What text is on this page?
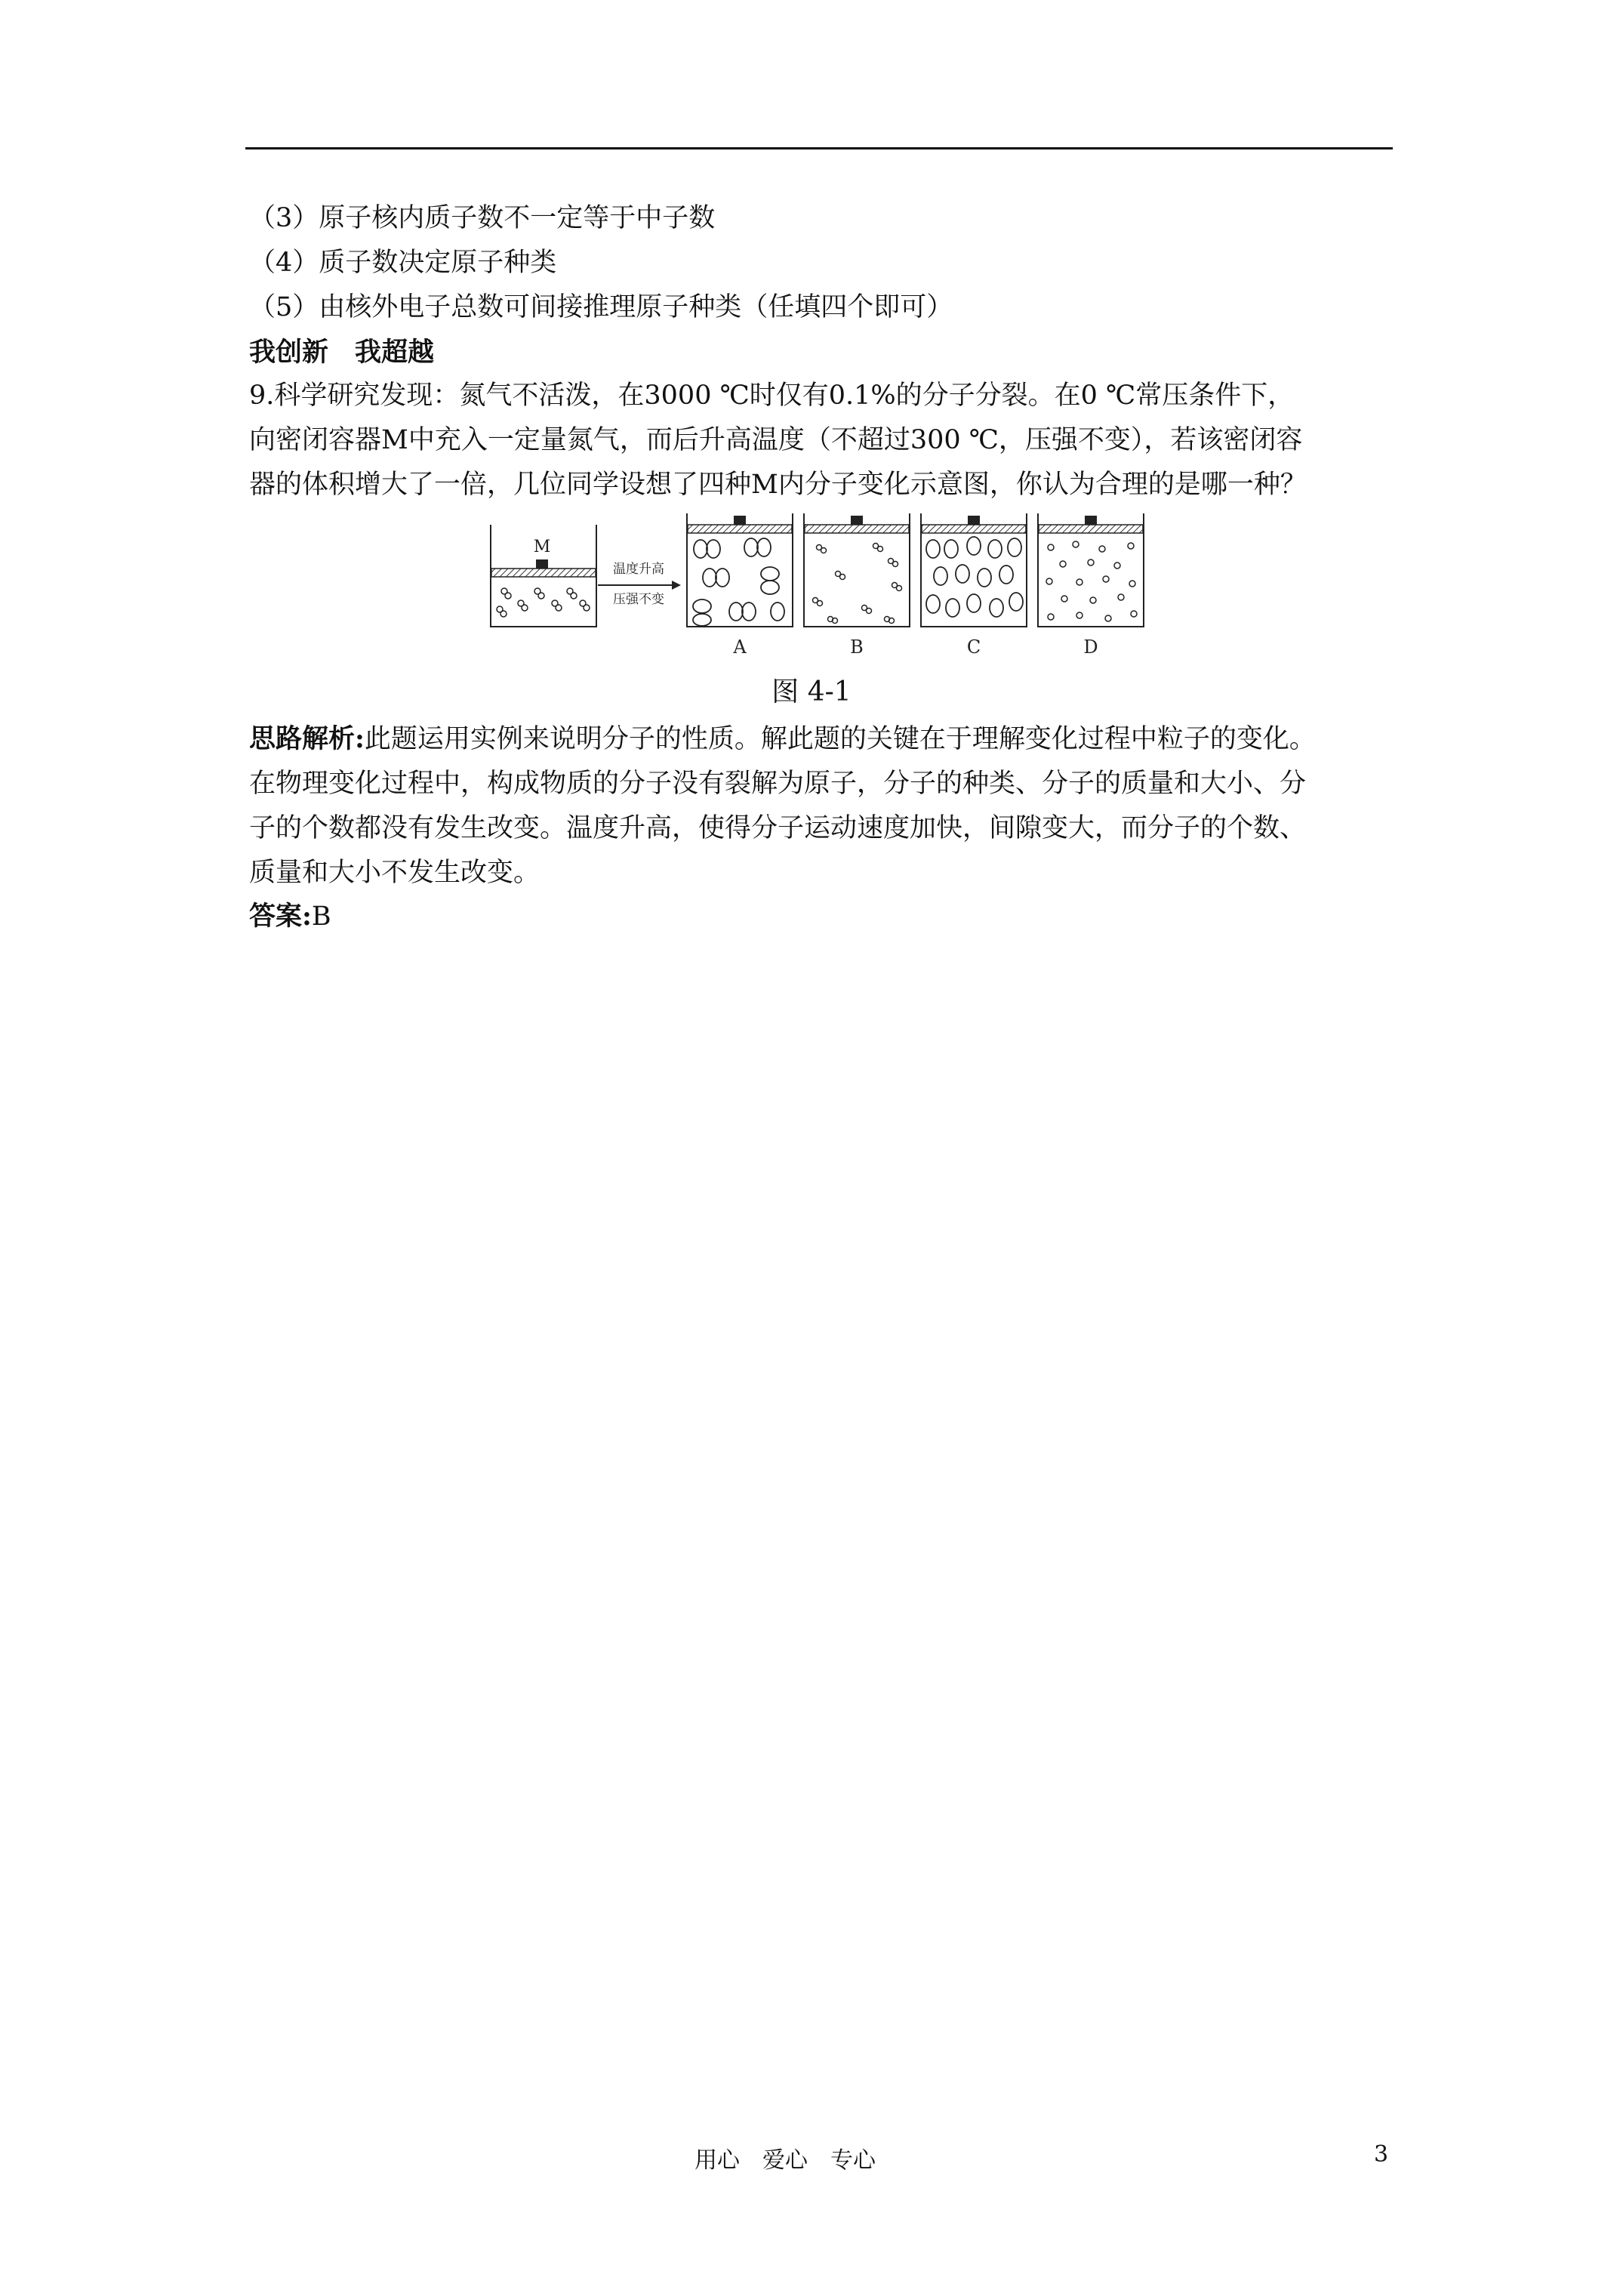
（3）原子核内质子数不一定等于中子数
（4）质子数决定原子种类
（5）由核外电子总数可间接推理原子种类（任填四个即可）
我创新　我超越
9.科学研究发现：氮气不活泼，在3000 ℃时仅有0.1%的分子分裂。在0 ℃常压条件下，
向密闭容器M中充入一定量氮气，而后升高温度（不超过300 ℃，压强不变），若该密闭容
器的体积增大了一倍，几位同学设想了四种M内分子变化示意图，你认为合理的是哪一种？
M
温度升高
压强不变
A	B	C	D
图 4-1
思路解析:此题运用实例来说明分子的性质。解此题的关键在于理解变化过程中粒子的变化。
在物理变化过程中，构成物质的分子没有裂解为原子，分子的种类、分子的质量和大小、分
子的个数都没有发生改变。温度升高，使得分子运动速度加快，间隙变大，而分子的个数、
质量和大小不发生改变。
答案:B
用心　爱心　专心	3
